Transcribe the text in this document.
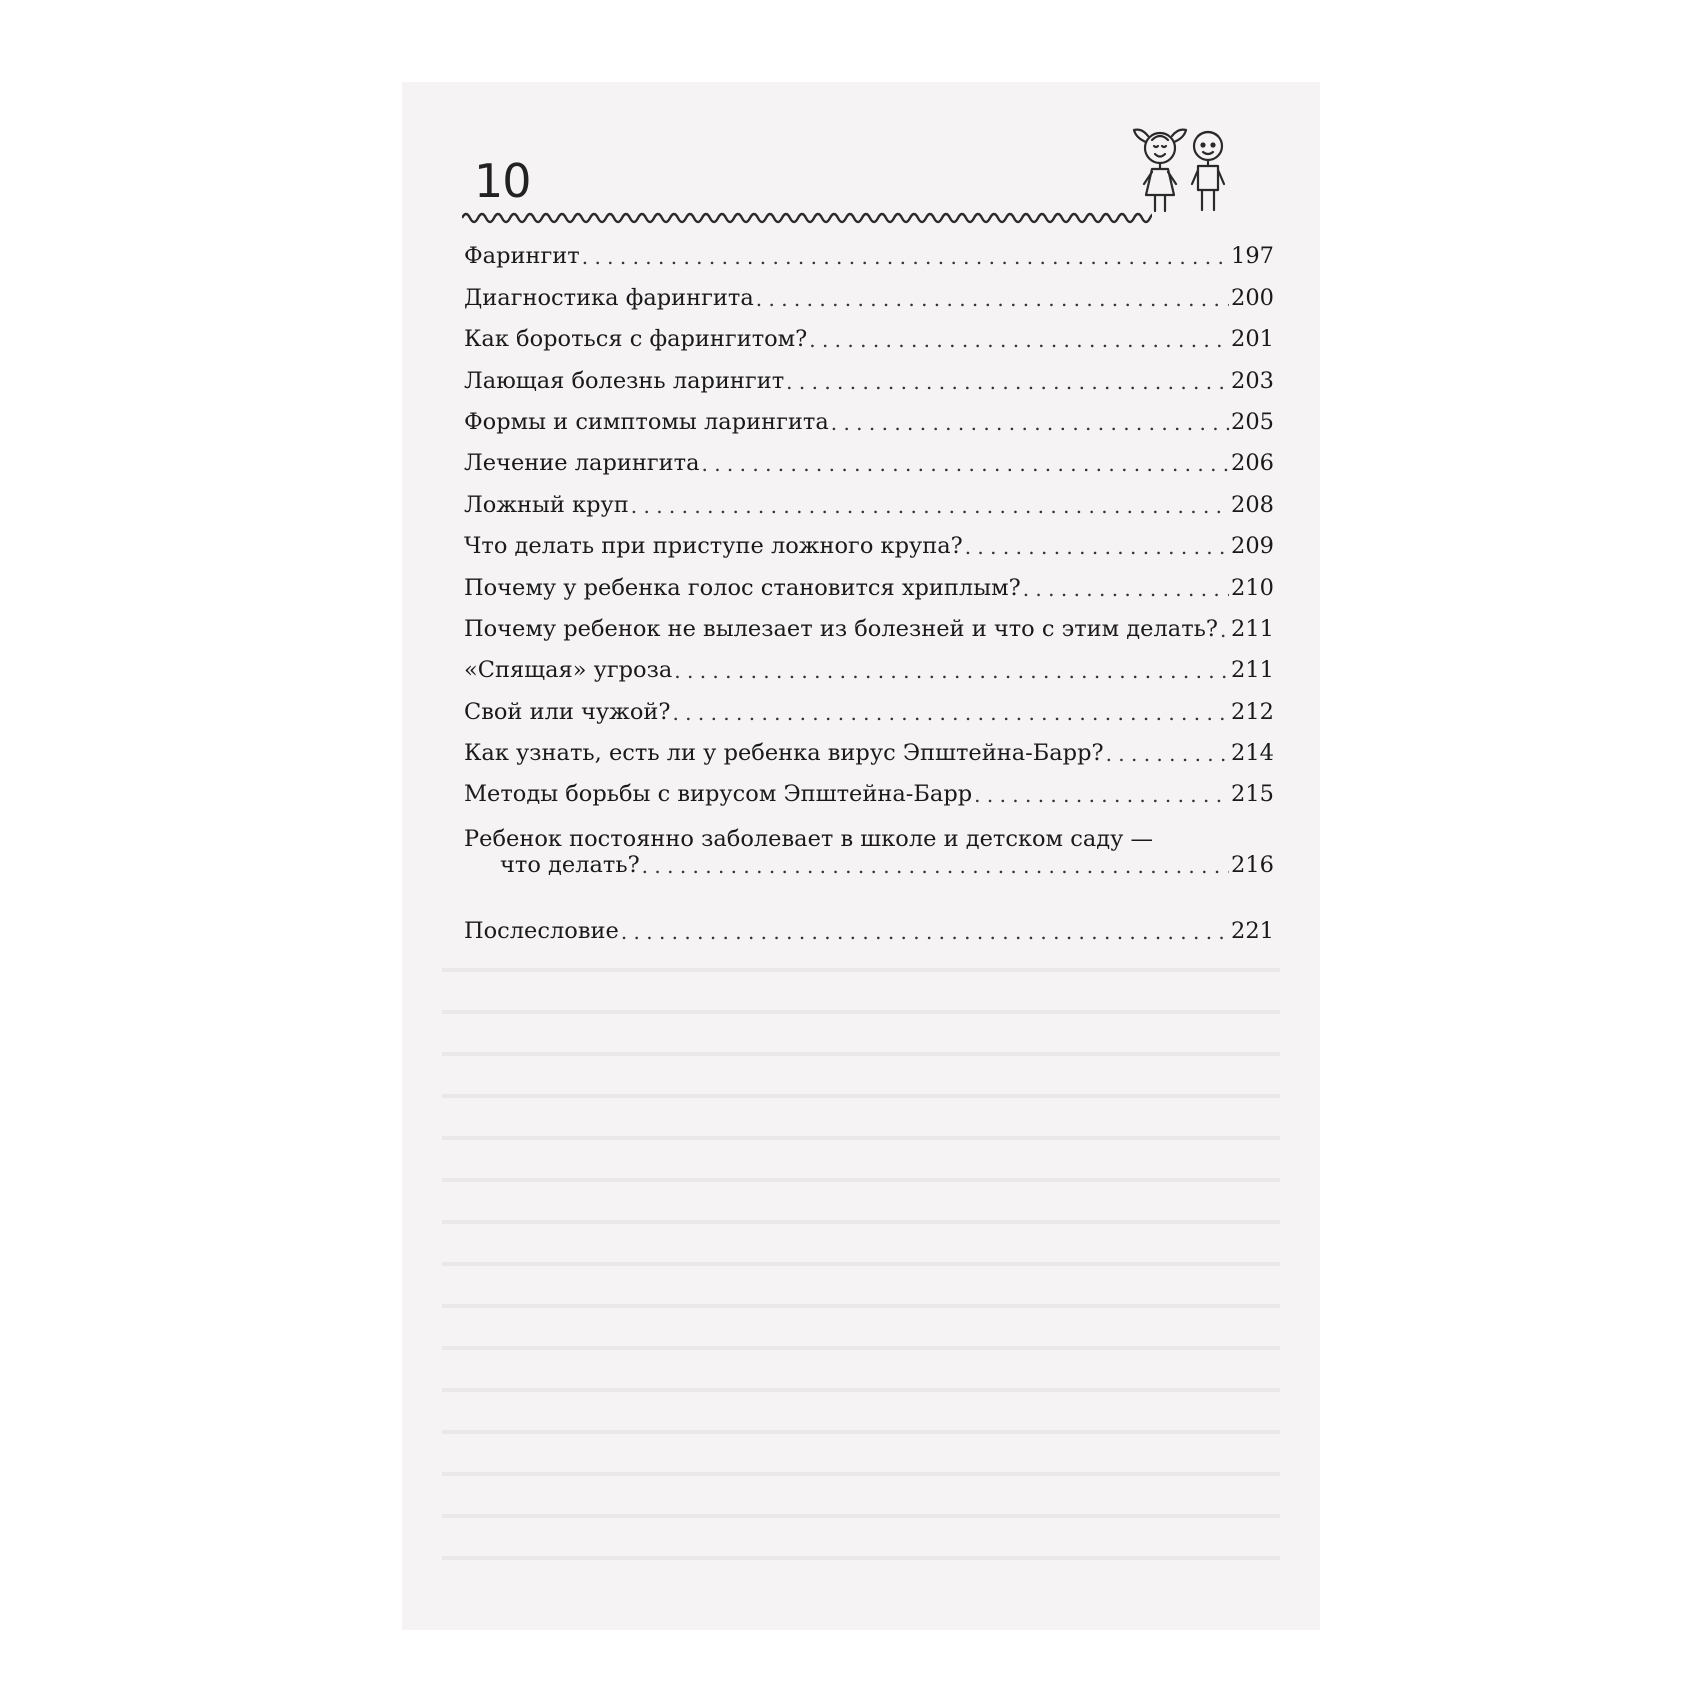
10
Фарингит . . .	197
Диагностика фарингита . . .	200
Как бороться с фарингитом? . . .	201
Лающая болезнь ларингит . . .	203
Формы и симптомы ларингита . . .	205
Лечение ларингита . . .	206
Ложный круп . . .	208
Что делать при приступе ложного крупа? . . .	209
Почему у ребенка голос становится хриплым? . . .	210
Почему ребенок не вылезает из болезней и что с этим делать? . . . 211
«Спящая» угроза . . .	211
Свой или чужой? . . .	212
Как узнать, есть ли у ребенка вирус Эпштейна-Барр? . . .	214
Методы борьбы с вирусом Эпштейна-Барр . . .	215
Ребенок постоянно заболевает в школе и детском саду —
что делать? . . .	216
Послесловие . . .	221
